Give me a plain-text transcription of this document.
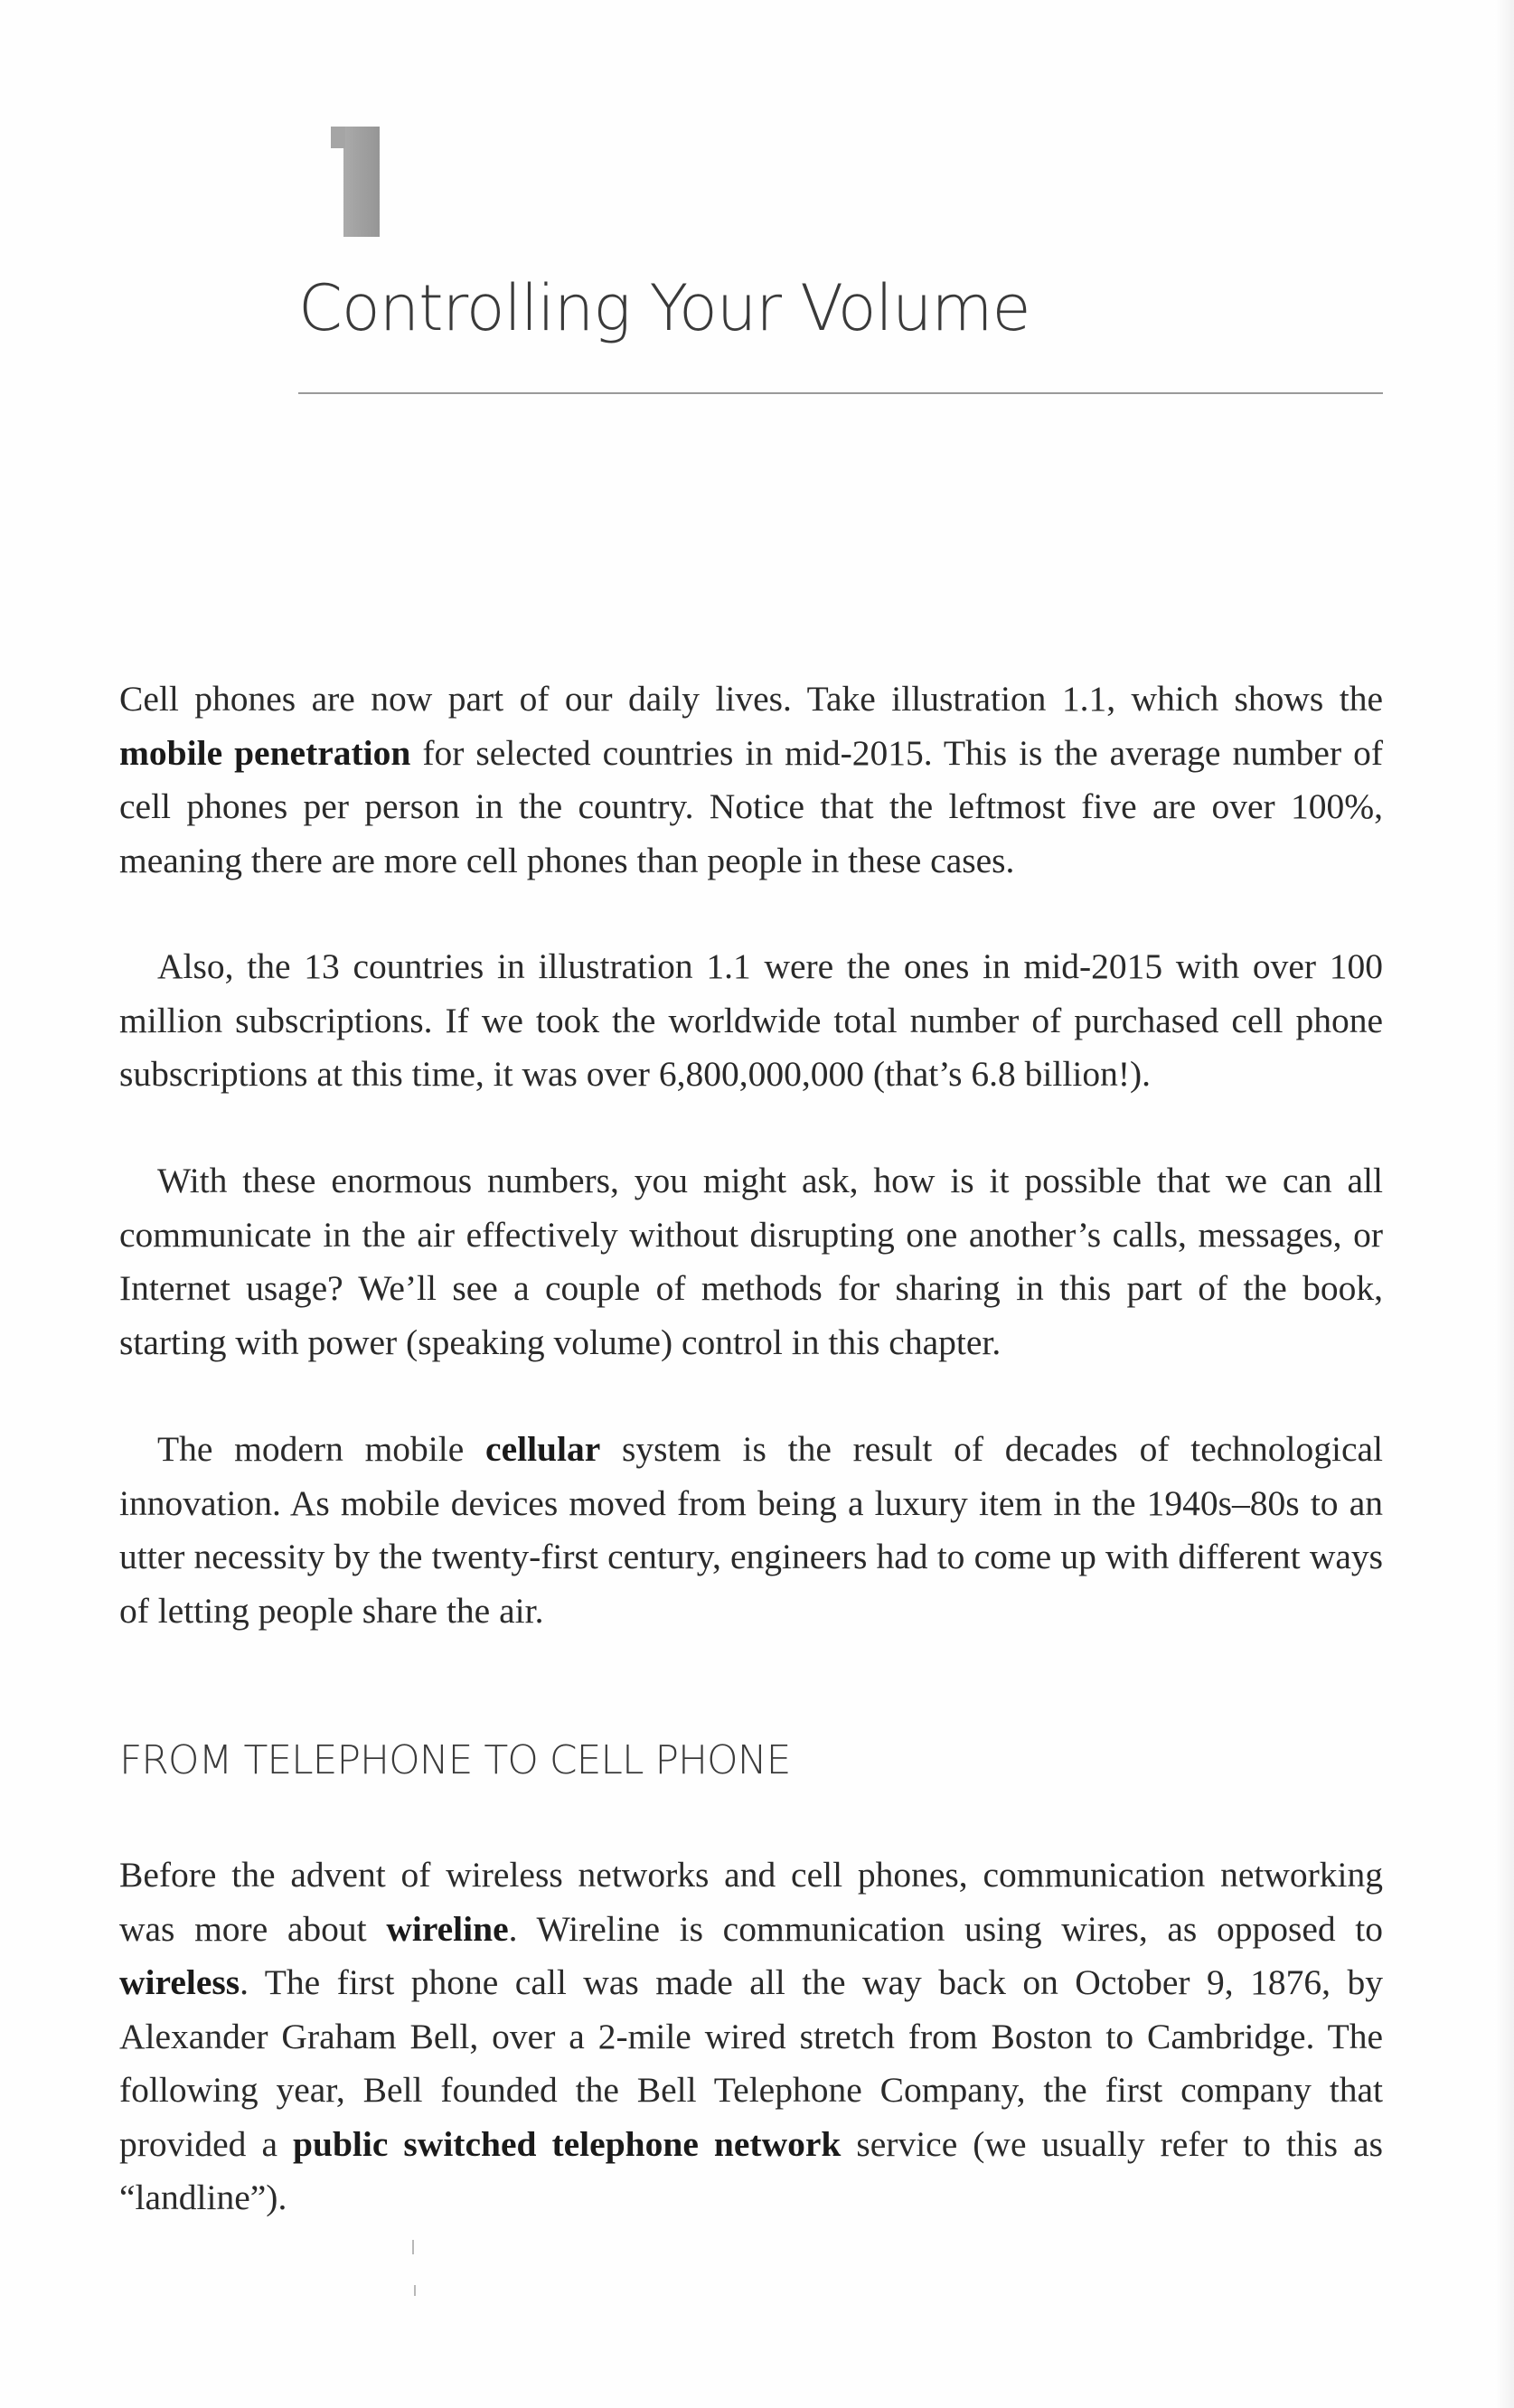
Controlling Your Volume

Cell phones are now part of our daily lives. Take illustration 1.1, which shows the mobile penetration for selected countries in mid-2015. This is the average number of cell phones per person in the country. Notice that the leftmost five are over 100%, meaning there are more cell phones than people in these cases.

Also, the 13 countries in illustration 1.1 were the ones in mid-2015 with over 100 million subscriptions. If we took the worldwide total number of purchased cell phone subscriptions at this time, it was over 6,800,000,000 (that’s 6.8 billion!).

With these enormous numbers, you might ask, how is it possible that we can all communicate in the air effectively without disrupting one another’s calls, messages, or Internet usage? We’ll see a couple of methods for sharing in this part of the book, starting with power (speaking volume) control in this chapter.

The modern mobile cellular system is the result of decades of technological innovation. As mobile devices moved from being a luxury item in the 1940s–80s to an utter necessity by the twenty-first century, engineers had to come up with different ways of letting people share the air.

FROM TELEPHONE TO CELL PHONE

Before the advent of wireless networks and cell phones, communication networking was more about wireline. Wireline is communication using wires, as opposed to wireless. The first phone call was made all the way back on October 9, 1876, by Alexander Graham Bell, over a 2-mile wired stretch from Boston to Cambridge. The following year, Bell founded the Bell Telephone Company, the first company that provided a public switched telephone network service (we usually refer to this as “landline”).
